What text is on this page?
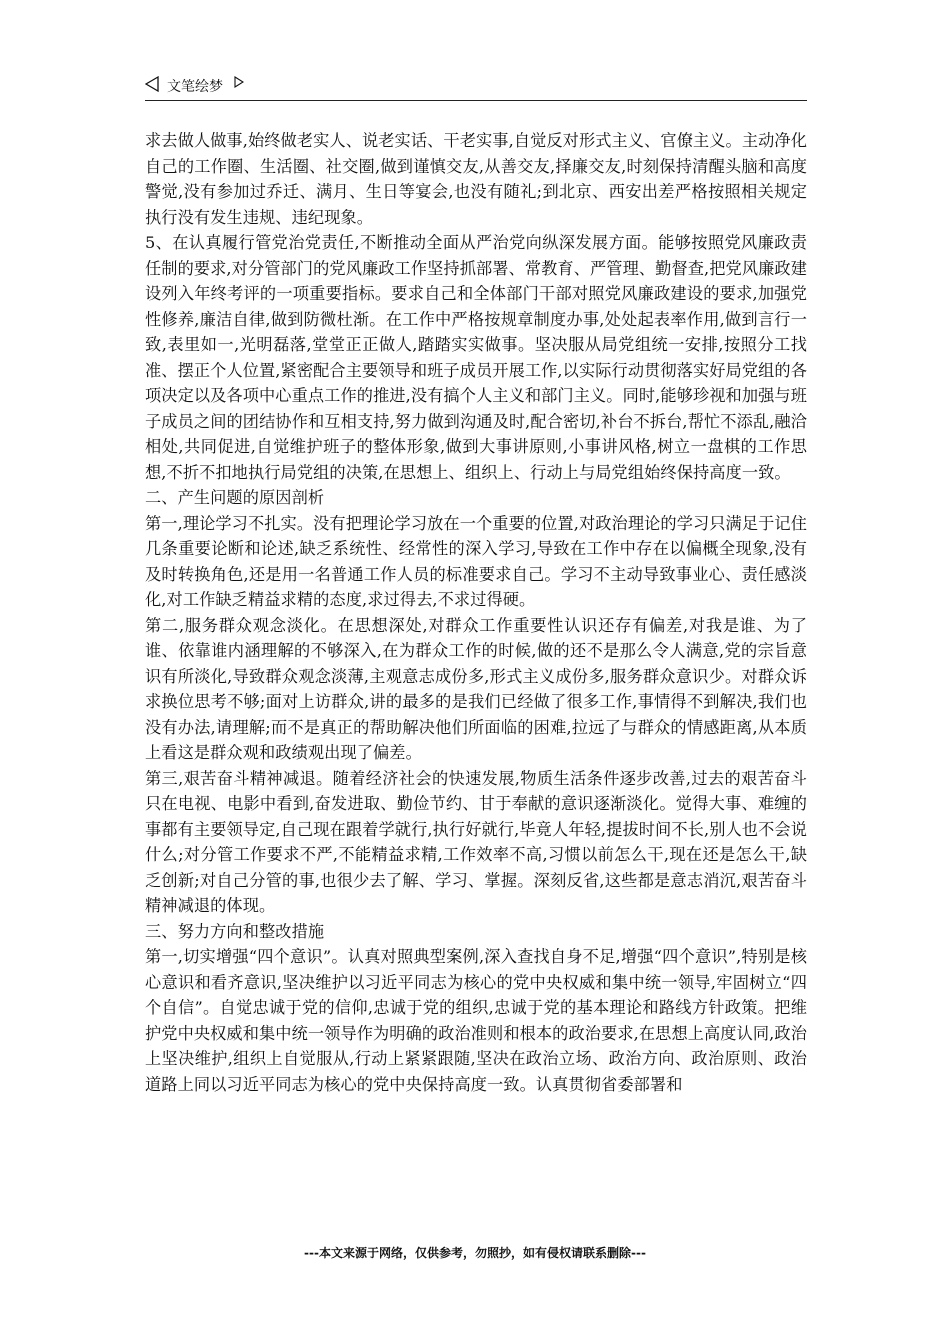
文笔绘梦

求去做人做事,始终做老实人、说老实话、干老实事,自觉反对形式主义、官僚主义。主动净化自己的工作圈、生活圈、社交圈,做到谨慎交友,从善交友,择廉交友,时刻保持清醒头脑和高度警觉,没有参加过乔迁、满月、生日等宴会,也没有随礼;到北京、西安出差严格按照相关规定执行没有发生违规、违纪现象。

5、在认真履行管党治党责任,不断推动全面从严治党向纵深发展方面。能够按照党风廉政责任制的要求,对分管部门的党风廉政工作坚持抓部署、常教育、严管理、勤督查,把党风廉政建设列入年终考评的一项重要指标。要求自己和全体部门干部对照党风廉政建设的要求,加强党性修养,廉洁自律,做到防微杜渐。在工作中严格按规章制度办事,处处起表率作用,做到言行一致,表里如一,光明磊落,堂堂正正做人,踏踏实实做事。坚决服从局党组统一安排,按照分工找准、摆正个人位置,紧密配合主要领导和班子成员开展工作,以实际行动贯彻落实好局党组的各项决定以及各项中心重点工作的推进,没有搞个人主义和部门主义。同时,能够珍视和加强与班子成员之间的团结协作和互相支持,努力做到沟通及时,配合密切,补台不拆台,帮忙不添乱,融洽相处,共同促进,自觉维护班子的整体形象,做到大事讲原则,小事讲风格,树立一盘棋的工作思想,不折不扣地执行局党组的决策,在思想上、组织上、行动上与局党组始终保持高度一致。

二、产生问题的原因剖析

第一,理论学习不扎实。没有把理论学习放在一个重要的位置,对政治理论的学习只满足于记住几条重要论断和论述,缺乏系统性、经常性的深入学习,导致在工作中存在以偏概全现象,没有及时转换角色,还是用一名普通工作人员的标准要求自己。学习不主动导致事业心、责任感淡化,对工作缺乏精益求精的态度,求过得去,不求过得硬。

第二,服务群众观念淡化。在思想深处,对群众工作重要性认识还存有偏差,对我是谁、为了谁、依靠谁内涵理解的不够深入,在为群众工作的时候,做的还不是那么令人满意,党的宗旨意识有所淡化,导致群众观念淡薄,主观意志成份多,形式主义成份多,服务群众意识少。对群众诉求换位思考不够;面对上访群众,讲的最多的是我们已经做了很多工作,事情得不到解决,我们也没有办法,请理解;而不是真正的帮助解决他们所面临的困难,拉远了与群众的情感距离,从本质上看这是群众观和政绩观出现了偏差。

第三,艰苦奋斗精神减退。随着经济社会的快速发展,物质生活条件逐步改善,过去的艰苦奋斗只在电视、电影中看到,奋发进取、勤俭节约、甘于奉献的意识逐渐淡化。觉得大事、难缠的事都有主要领导定,自己现在跟着学就行,执行好就行,毕竟人年轻,提拔时间不长,别人也不会说什么;对分管工作要求不严,不能精益求精,工作效率不高,习惯以前怎么干,现在还是怎么干,缺乏创新;对自己分管的事,也很少去了解、学习、掌握。深刻反省,这些都是意志消沉,艰苦奋斗精神减退的体现。

三、努力方向和整改措施

第一,切实增强“四个意识”。认真对照典型案例,深入查找自身不足,增强“四个意识”,特别是核心意识和看齐意识,坚决维护以习近平同志为核心的党中央权威和集中统一领导,牢固树立“四个自信”。自觉忠诚于党的信仰,忠诚于党的组织,忠诚于党的基本理论和路线方针政策。把维护党中央权威和集中统一领导作为明确的政治准则和根本的政治要求,在思想上高度认同,政治上坚决维护,组织上自觉服从,行动上紧紧跟随,坚决在政治立场、政治方向、政治原则、政治道路上同以习近平同志为核心的党中央保持高度一致。认真贯彻省委部署和

---本文来源于网络，仅供参考，勿照抄，如有侵权请联系删除---
